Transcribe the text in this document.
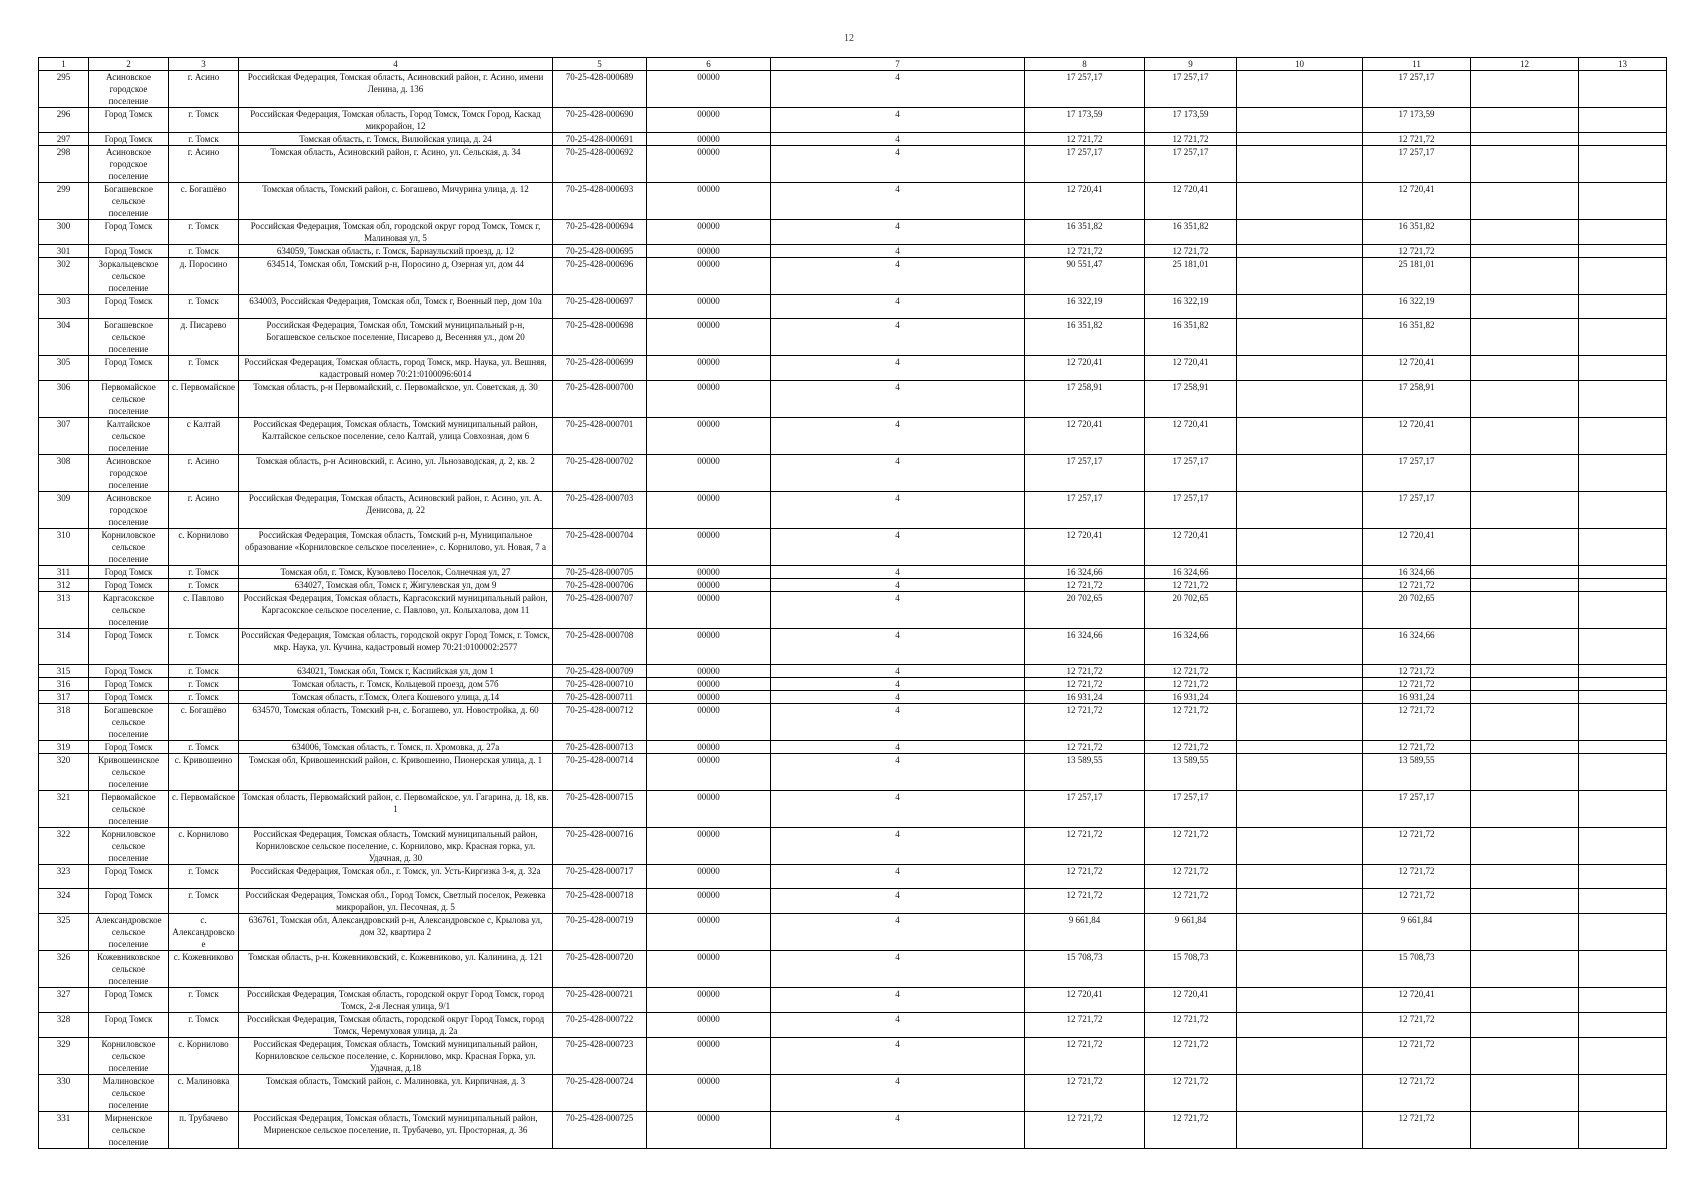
12
1	2	3	4	5	6	7	8	9	10	11	12	13
295	Асиновское городское поселение	г. Асино	Российская Федерация, Томская область, Асиновский район, г. Асино, имени Ленина, д. 136	70-25-428-000689	00000	4	17 257,17	17 257,17		17 257,17		
296	Город Томск	г. Томск	Российская Федерация, Томская область, Город Томск, Томск Город, Каскад микрорайон, 12	70-25-428-000690	00000	4	17 173,59	17 173,59		17 173,59		
297	Город Томск	г. Томск	Томская область, г. Томск, Вилюйская улица, д. 24	70-25-428-000691	00000	4	12 721,72	12 721,72		12 721,72		
298	Асиновское городское поселение	г. Асино	Томская область, Асиновский район, г. Асино, ул. Сельская, д. 34	70-25-428-000692	00000	4	17 257,17	17 257,17		17 257,17		
299	Богашевское сельское поселение	с. Богашёво	Томская область, Томский район, с. Богашево, Мичурина улица, д. 12	70-25-428-000693	00000	4	12 720,41	12 720,41		12 720,41		
300	Город Томск	г. Томск	Российская Федерация, Томская обл, городской округ город Томск, Томск г, Малиновая ул, 5	70-25-428-000694	00000	4	16 351,82	16 351,82		16 351,82		
301	Город Томск	г. Томск	634059, Томская область, г. Томск, Барнаульский проезд, д. 12	70-25-428-000695	00000	4	12 721,72	12 721,72		12 721,72		
302	Зоркальцевское сельское поселение	д. Поросино	634514, Томская обл, Томский р-н, Поросино д, Озерная ул, дом 44	70-25-428-000696	00000	4	90 551,47	25 181,01		25 181,01		
303	Город Томск	г. Томск	634003, Российская Федерация, Томская обл, Томск г, Военный пер, дом 10а	70-25-428-000697	00000	4	16 322,19	16 322,19		16 322,19		
304	Богашевское сельское поселение	д. Писарево	Российская Федерация, Томская обл, Томский муниципальный р-н, Богашевское сельское поселение, Писарево д, Весенняя ул., дом 20	70-25-428-000698	00000	4	16 351,82	16 351,82		16 351,82		
305	Город Томск	г. Томск	Российская Федерация, Томская область, город Томск, мкр. Наука, ул. Вешняя, кадастровый номер 70:21:0100096:6014	70-25-428-000699	00000	4	12 720,41	12 720,41		12 720,41		
306	Первомайское сельское поселение	с. Первомайское	Томская область, р-н Первомайский, с. Первомайское, ул. Советская, д. 30	70-25-428-000700	00000	4	17 258,91	17 258,91		17 258,91		
307	Калтайское сельское поселение	с Калтай	Российская Федерация, Томская область, Томский муниципальный район, Калтайское сельское поселение, село Калтай, улица Совхозная, дом 6	70-25-428-000701	00000	4	12 720,41	12 720,41		12 720,41		
308	Асиновское городское поселение	г. Асино	Томская область, р-н Асиновский, г. Асино, ул. Льнозаводская, д. 2, кв. 2	70-25-428-000702	00000	4	17 257,17	17 257,17		17 257,17		
309	Асиновское городское поселение	г. Асино	Российская Федерация, Томская область, Асиновский район, г. Асино, ул. А. Денисова, д. 22	70-25-428-000703	00000	4	17 257,17	17 257,17		17 257,17		
310	Корниловское сельское поселение	с. Корнилово	Российская Федерация, Томская область, Томский р-н, Муниципальное образование «Корниловское сельское поселение», с. Корнилово, ул. Новая, 7 а	70-25-428-000704	00000	4	12 720,41	12 720,41		12 720,41		
311	Город Томск	г. Томск	Томская обл, г. Томск, Кузовлево Поселок, Солнечная ул, 27	70-25-428-000705	00000	4	16 324,66	16 324,66		16 324,66		
312	Город Томск	г. Томск	634027, Томская обл, Томск г, Жигулевская ул, дом 9	70-25-428-000706	00000	4	12 721,72	12 721,72		12 721,72		
313	Каргасокское сельское поселение	с. Павлово	Российская Федерация, Томская область, Каргасокский муниципальный район, Каргасокское сельское поселение, с. Павлово, ул. Колыхалова, дом 11	70-25-428-000707	00000	4	20 702,65	20 702,65		20 702,65		
314	Город Томск	г. Томск	Российская Федерация, Томская область, городской округ Город Томск, г. Томск, мкр. Наука, ул. Кучина, кадастровый номер 70:21:0100002:2577	70-25-428-000708	00000	4	16 324,66	16 324,66		16 324,66		
315	Город Томск	г. Томск	634021, Томская обл, Томск г, Каспийская ул, дом 1	70-25-428-000709	00000	4	12 721,72	12 721,72		12 721,72		
316	Город Томск	г. Томск	Томская область, г. Томск, Кольцевой проезд, дом 57б	70-25-428-000710	00000	4	12 721,72	12 721,72		12 721,72		
317	Город Томск	г. Томск	Томская область, г.Томск, Олега Кошевого улица, д.14	70-25-428-000711	00000	4	16 931,24	16 931,24		16 931,24		
318	Богашевское сельское поселение	с. Богашёво	634570, Томская область, Томский р-н, с. Богашево, ул. Новостройка, д. 60	70-25-428-000712	00000	4	12 721,72	12 721,72		12 721,72		
319	Город Томск	г. Томск	634006, Томская область, г. Томск, п. Хромовка, д. 27а	70-25-428-000713	00000	4	12 721,72	12 721,72		12 721,72		
320	Кривошеинское сельское поселение	с. Кривошеино	Томская обл, Кривошеинский район, с. Кривошеино, Пионерская улица, д. 1	70-25-428-000714	00000	4	13 589,55	13 589,55		13 589,55		
321	Первомайское сельское поселение	с. Первомайское	Томская область, Первомайский район, с. Первомайское, ул. Гагарина, д. 18, кв. 1	70-25-428-000715	00000	4	17 257,17	17 257,17		17 257,17		
322	Корниловское сельское поселение	с. Корнилово	Российская Федерация, Томская область, Томский муниципальный район, Корниловское сельское поселение, с. Корнилово, мкр. Красная горка, ул. Удачная, д. 30	70-25-428-000716	00000	4	12 721,72	12 721,72		12 721,72		
323	Город Томск	г. Томск	Российская Федерация, Томская обл., г. Томск, ул. Усть-Киргизка 3-я, д. 32а	70-25-428-000717	00000	4	12 721,72	12 721,72		12 721,72		
324	Город Томск	г. Томск	Российская Федерация, Томская обл., Город Томск, Светлый поселок, Режевка микрорайон, ул. Песочная, д. 5	70-25-428-000718	00000	4	12 721,72	12 721,72		12 721,72		
325	Александровское сельское поселение	с. Александровское	636761, Томская обл, Александровский р-н, Александровское с, Крылова ул, дом 32, квартира 2	70-25-428-000719	00000	4	9 661,84	9 661,84		9 661,84		
326	Кожевниковское сельское поселение	с. Кожевниково	Томская область, р-н. Кожевниковский, с. Кожевниково, ул. Калинина, д. 121	70-25-428-000720	00000	4	15 708,73	15 708,73		15 708,73		
327	Город Томск	г. Томск	Российская Федерация, Томская область, городской округ Город Томск, город Томск, 2-я Лесная улица, 9/1	70-25-428-000721	00000	4	12 720,41	12 720,41		12 720,41		
328	Город Томск	г. Томск	Российская Федерация, Томская область, городской округ Город Томск, город Томск, Черемуховая улица, д. 2а	70-25-428-000722	00000	4	12 721,72	12 721,72		12 721,72		
329	Корниловское сельское поселение	с. Корнилово	Российская Федерация, Томская область, Томский муниципальный район, Корниловское сельское поселение, с. Корнилово, мкр. Красная Горка, ул. Удачная, д.18	70-25-428-000723	00000	4	12 721,72	12 721,72		12 721,72		
330	Малиновское сельское поселение	с. Малиновка	Томская область, Томский район, с. Малиновка, ул. Кирпичная, д. 3	70-25-428-000724	00000	4	12 721,72	12 721,72		12 721,72		
331	Мирненское сельское поселение	п. Трубачево	Российская Федерация, Томская область, Томский муниципальный район, Мирненское сельское поселение, п. Трубачево, ул. Просторная, д. 36	70-25-428-000725	00000	4	12 721,72	12 721,72		12 721,72		
